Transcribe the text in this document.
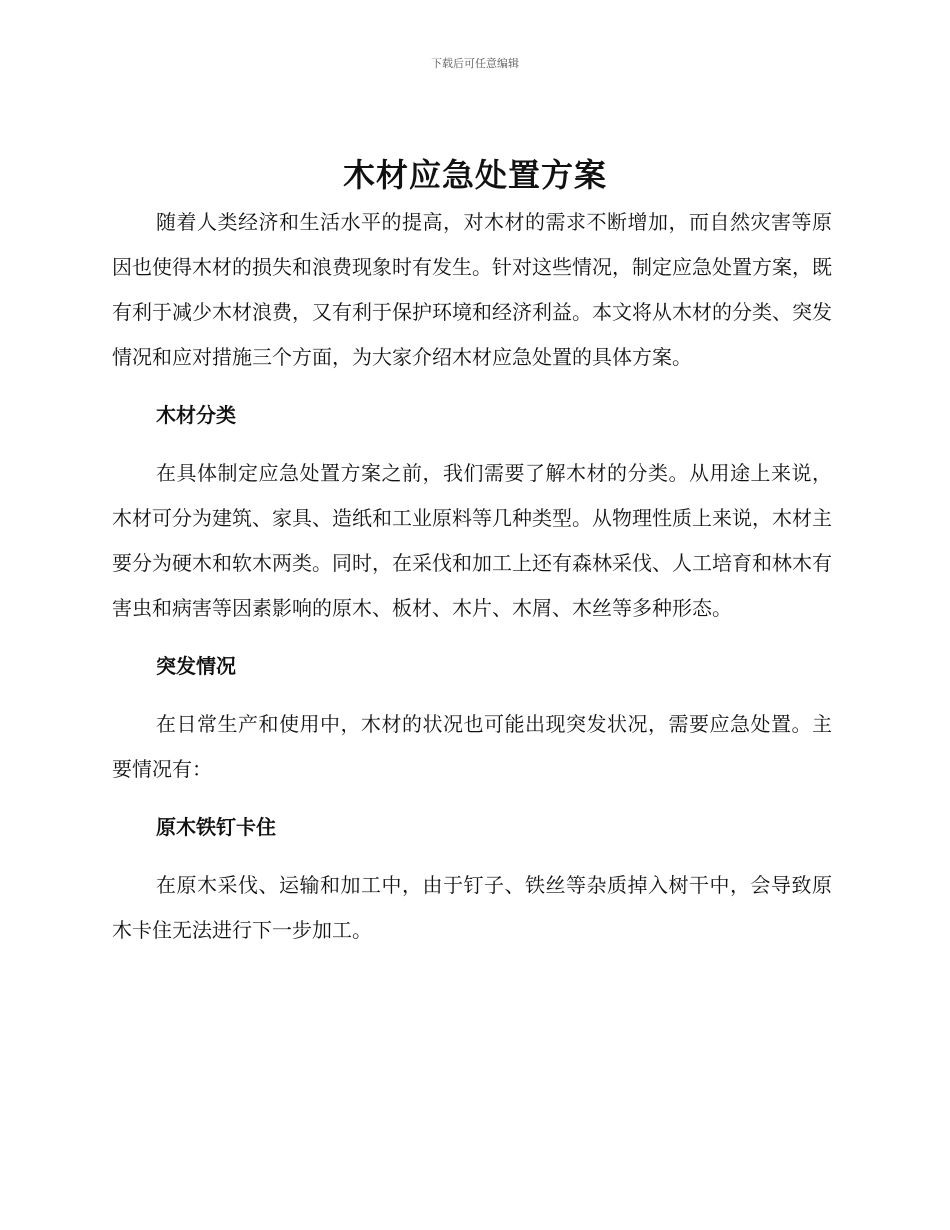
下载后可任意编辑
木材应急处置方案

随着人类经济和生活水平的提高，对木材的需求不断增加，而自然灾害等原因也使得木材的损失和浪费现象时有发生。针对这些情况，制定应急处置方案，既有利于减少木材浪费，又有利于保护环境和经济利益。本文将从木材的分类、突发情况和应对措施三个方面，为大家介绍木材应急处置的具体方案。

木材分类

在具体制定应急处置方案之前，我们需要了解木材的分类。从用途上来说，木材可分为建筑、家具、造纸和工业原料等几种类型。从物理性质上来说，木材主要分为硬木和软木两类。同时，在采伐和加工上还有森林采伐、人工培育和林木有害虫和病害等因素影响的原木、板材、木片、木屑、木丝等多种形态。

突发情况

在日常生产和使用中，木材的状况也可能出现突发状况，需要应急处置。主要情况有：

原木铁钉卡住

在原木采伐、运输和加工中，由于钉子、铁丝等杂质掉入树干中，会导致原木卡住无法进行下一步加工。
